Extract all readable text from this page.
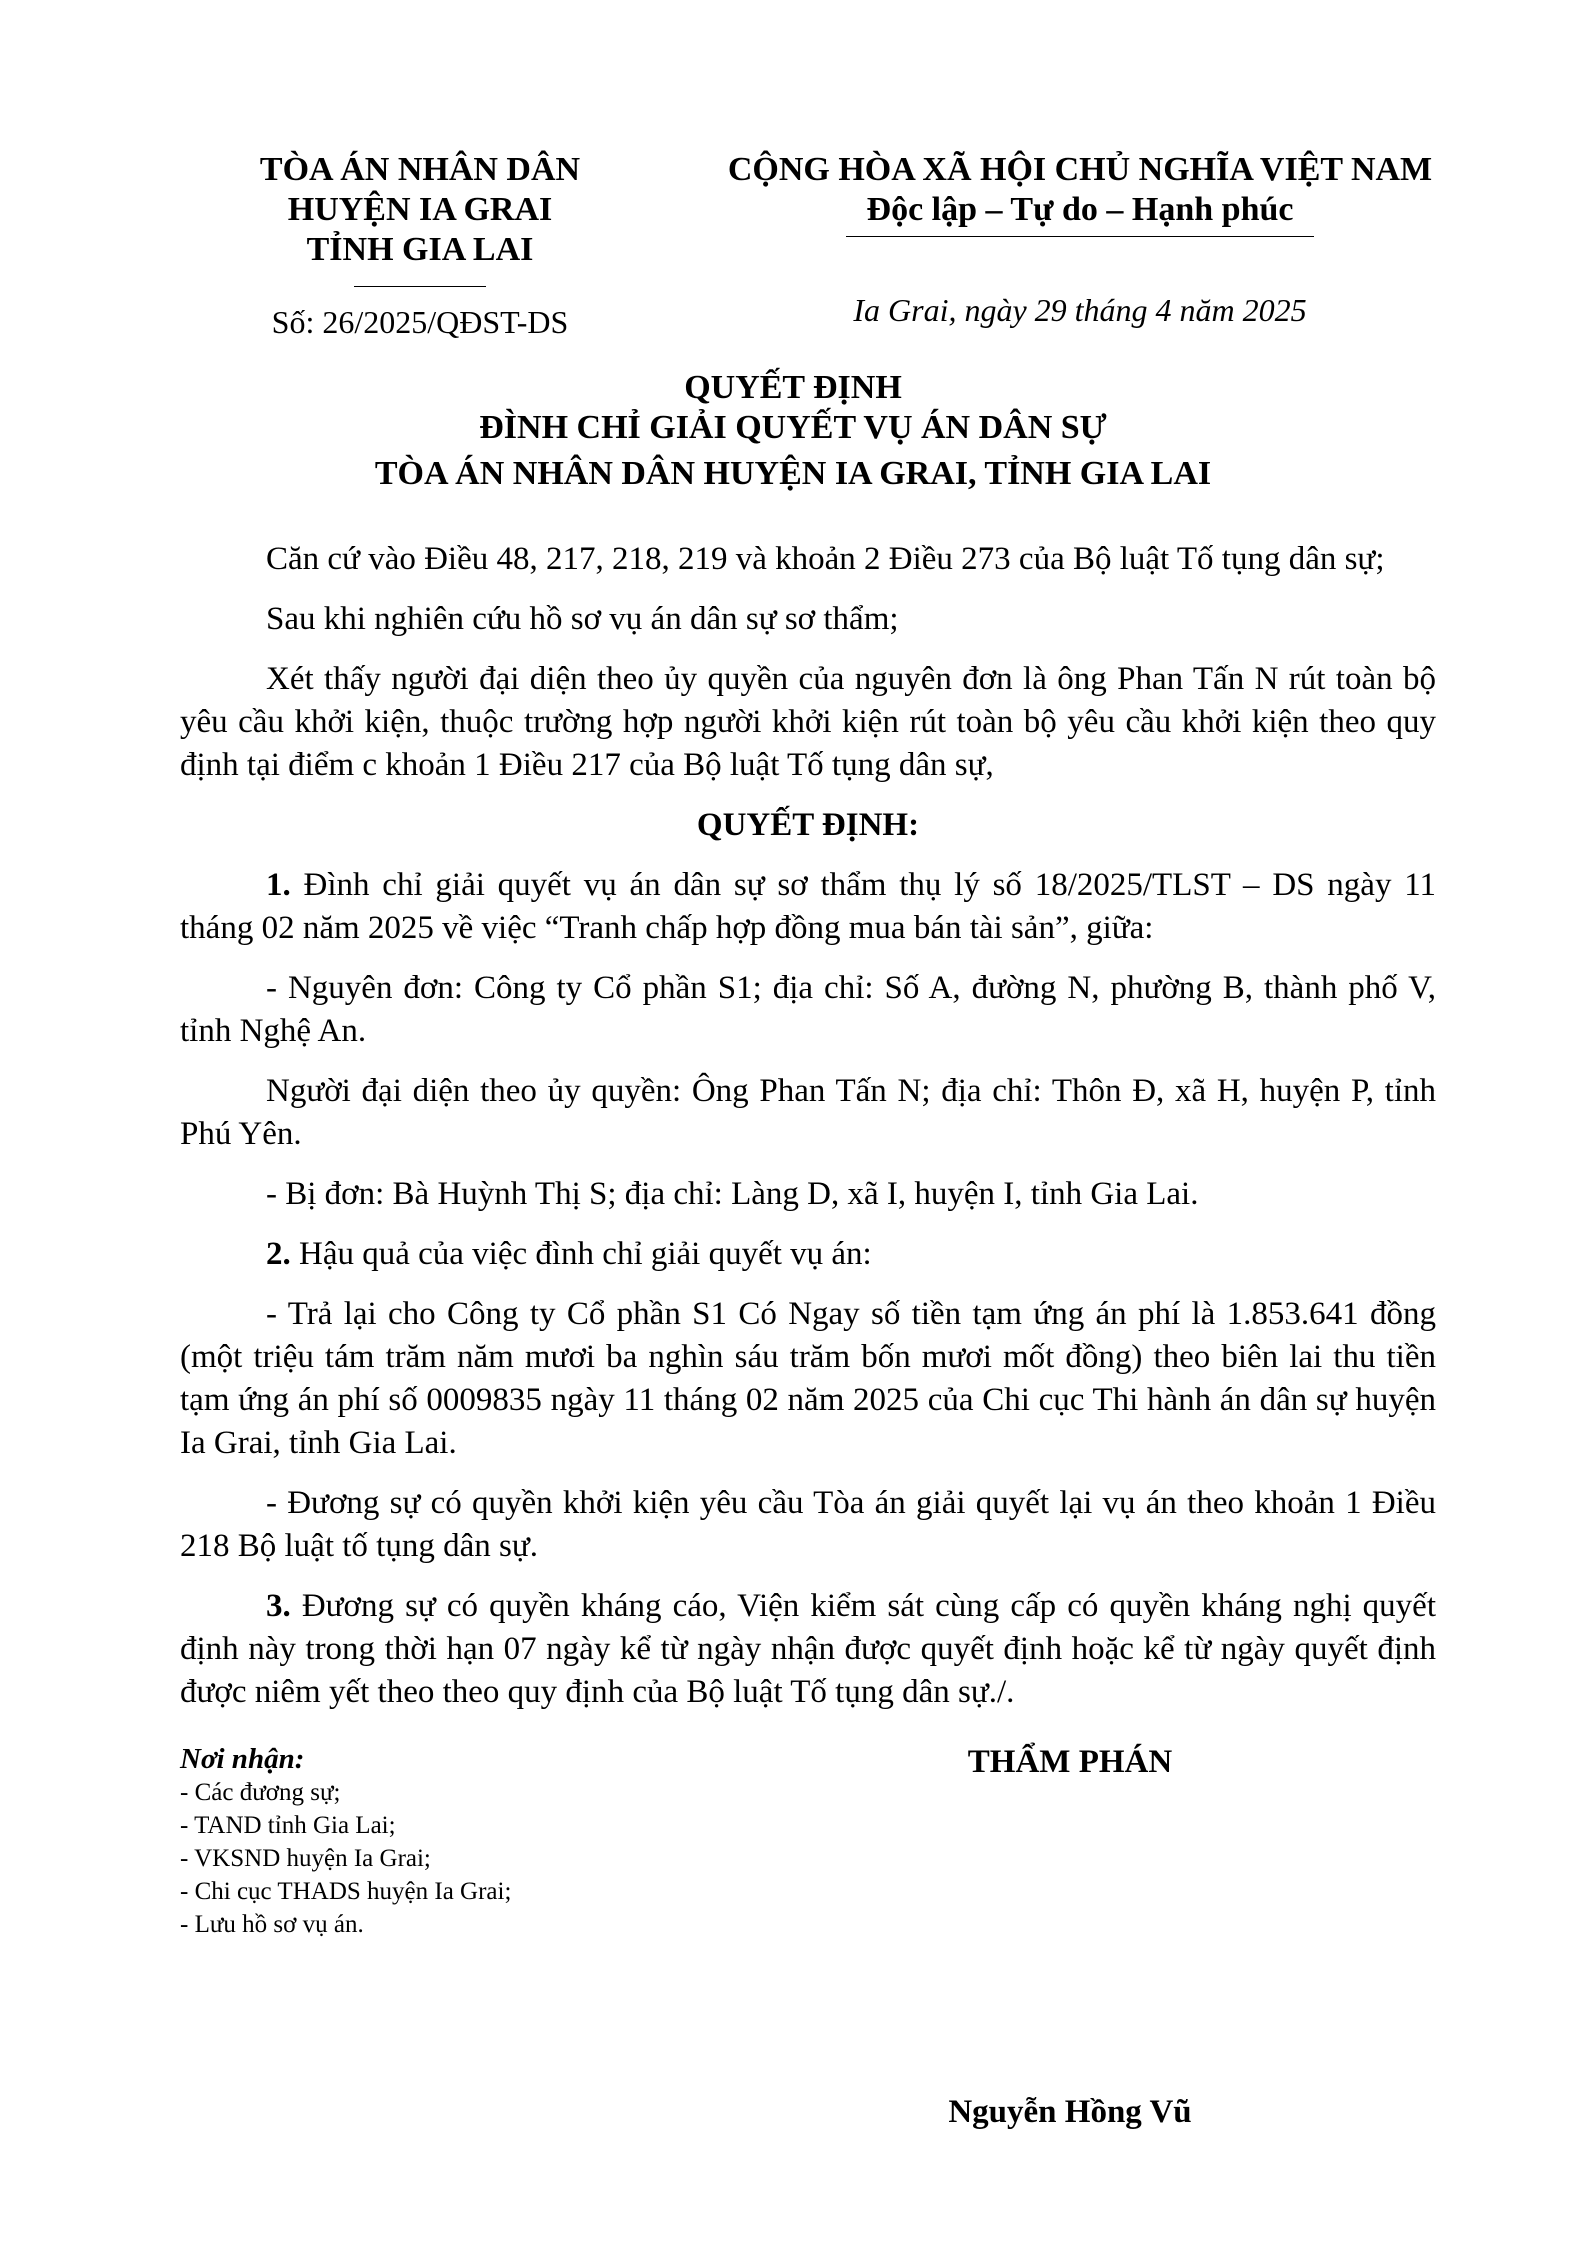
TÒA ÁN NHÂN DÂN
HUYỆN IA GRAI
TỈNH GIA LAI
Số: 26/2025/QĐST-DS
CỘNG HÒA XÃ HỘI CHỦ NGHĨA VIỆT NAM
Độc lập – Tự do – Hạnh phúc
Ia Grai, ngày 29 tháng 4 năm 2025
QUYẾT ĐỊNH
ĐÌNH CHỈ GIẢI QUYẾT VỤ ÁN DÂN SỰ
TÒA ÁN NHÂN DÂN HUYỆN IA GRAI, TỈNH GIA LAI

Căn cứ vào Điều 48, 217, 218, 219 và khoản 2 Điều 273 của Bộ luật Tố tụng dân sự;

Sau khi nghiên cứu hồ sơ vụ án dân sự sơ thẩm;

Xét thấy người đại diện theo ủy quyền của nguyên đơn là ông Phan Tấn N rút toàn bộ yêu cầu khởi kiện, thuộc trường hợp người khởi kiện rút toàn bộ yêu cầu khởi kiện theo quy định tại điểm c khoản 1 Điều 217 của Bộ luật Tố tụng dân sự,

QUYẾT ĐỊNH:

1. Đình chỉ giải quyết vụ án dân sự sơ thẩm thụ lý số 18/2025/TLST – DS ngày 11 tháng 02 năm 2025 về việc “Tranh chấp hợp đồng mua bán tài sản”, giữa:

- Nguyên đơn: Công ty Cổ phần S1; địa chỉ: Số A, đường N, phường B, thành phố V, tỉnh Nghệ An.

Người đại diện theo ủy quyền: Ông Phan Tấn N; địa chỉ: Thôn Đ, xã H, huyện P, tỉnh Phú Yên.

- Bị đơn: Bà Huỳnh Thị S; địa chỉ: Làng D, xã I, huyện I, tỉnh Gia Lai.

2. Hậu quả của việc đình chỉ giải quyết vụ án:

- Trả lại cho Công ty Cổ phần S1 Có Ngay số tiền tạm ứng án phí là 1.853.641 đồng (một triệu tám trăm năm mươi ba nghìn sáu trăm bốn mươi mốt đồng) theo biên lai thu tiền tạm ứng án phí số 0009835 ngày 11 tháng 02 năm 2025 của Chi cục Thi hành án dân sự huyện Ia Grai, tỉnh Gia Lai.

- Đương sự có quyền khởi kiện yêu cầu Tòa án giải quyết lại vụ án theo khoản 1 Điều 218 Bộ luật tố tụng dân sự.

3. Đương sự có quyền kháng cáo, Viện kiểm sát cùng cấp có quyền kháng nghị quyết định này trong thời hạn 07 ngày kể từ ngày nhận được quyết định hoặc kể từ ngày quyết định được niêm yết theo theo quy định của Bộ luật Tố tụng dân sự./.

Nơi nhận:
- Các đương sự;
- TAND tỉnh Gia Lai;
- VKSND huyện Ia Grai;
- Chi cục THADS huyện Ia Grai;
- Lưu hồ sơ vụ án.
THẨM PHÁN
Nguyễn Hồng Vũ
